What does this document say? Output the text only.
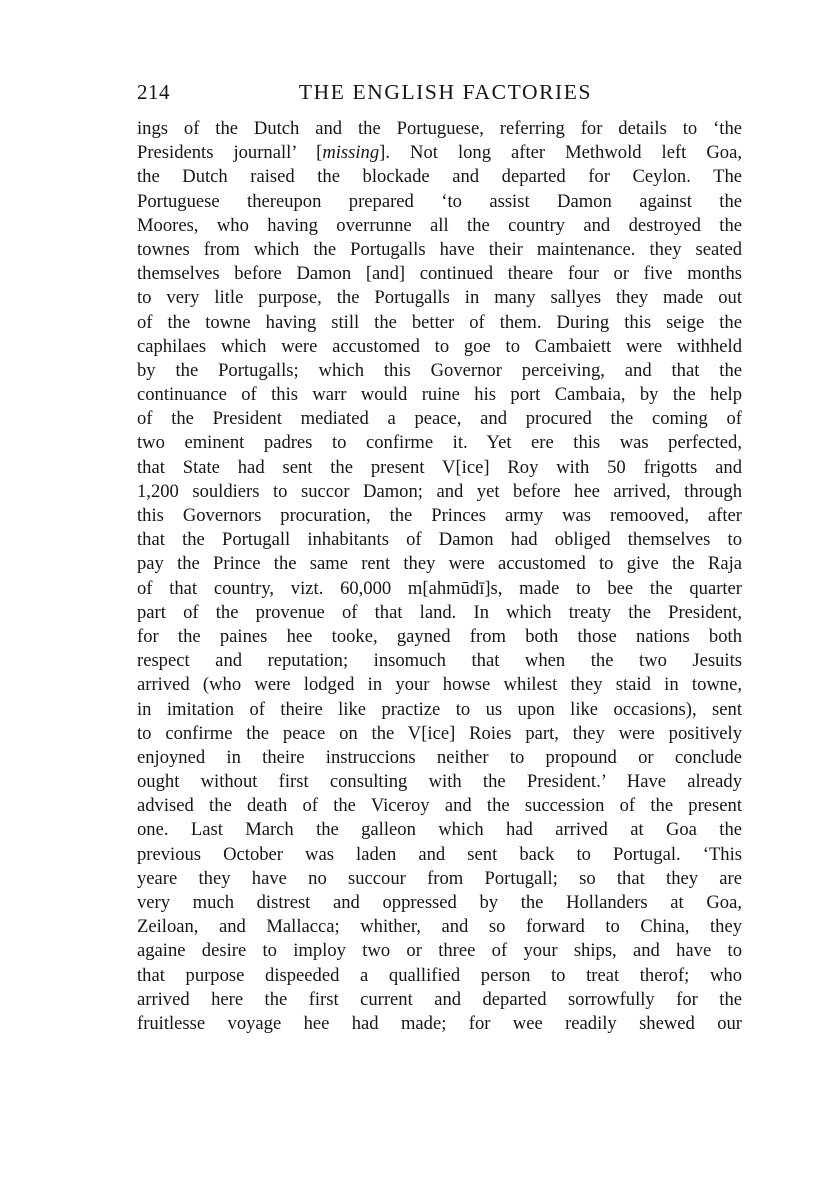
214	THE ENGLISH FACTORIES
ings of the Dutch and the Portuguese, referring for details to ‘the
Presidents journall’ [missing]. Not long after Methwold left Goa,
the Dutch raised the blockade and departed for Ceylon. The
Portuguese thereupon prepared ‘to assist Damon against the
Moores, who having overrunne all the country and destroyed the
townes from which the Portugalls have their maintenance. they seated
themselves before Damon [and] continued theare four or five months
to very litle purpose, the Portugalls in many sallyes they made out
of the towne having still the better of them. During this seige the
caphilaes which were accustomed to goe to Cambaiett were withheld
by the Portugalls; which this Governor perceiving, and that the
continuance of this warr would ruine his port Cambaia, by the help
of the President mediated a peace, and procured the coming of
two eminent padres to confirme it. Yet ere this was perfected,
that State had sent the present V[ice] Roy with 50 frigotts and
1,200 souldiers to succor Damon; and yet before hee arrived, through
this Governors procuration, the Princes army was remooved, after
that the Portugall inhabitants of Damon had obliged themselves to
pay the Prince the same rent they were accustomed to give the Raja
of that country, vizt. 60,000 m[ahmūdī]s, made to bee the quarter
part of the provenue of that land. In which treaty the President,
for the paines hee tooke, gayned from both those nations both
respect and reputation; insomuch that when the two Jesuits
arrived (who were lodged in your howse whilest they staid in towne,
in imitation of theire like practize to us upon like occasions), sent
to confirme the peace on the V[ice] Roies part, they were positively
enjoyned in theire instruccions neither to propound or conclude
ought without first consulting with the President.’ Have already
advised the death of the Viceroy and the succession of the present
one. Last March the galleon which had arrived at Goa the
previous October was laden and sent back to Portugal. ‘This
yeare they have no succour from Portugall; so that they are
very much distrest and oppressed by the Hollanders at Goa,
Zeiloan, and Mallacca; whither, and so forward to China, they
againe desire to imploy two or three of your ships, and have to
that purpose dispeeded a quallified person to treat therof; who
arrived here the first current and departed sorrowfully for the
fruitlesse voyage hee had made; for wee readily shewed our
